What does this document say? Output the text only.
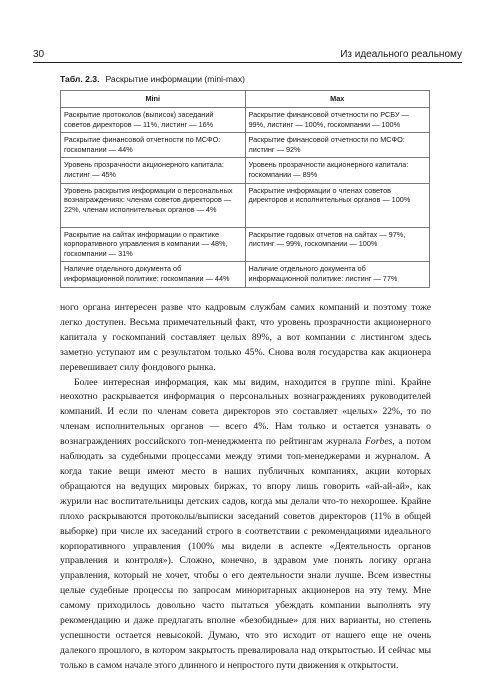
30	Из идеального реальному
Табл. 2.3. Раскрытие информации (mini-max)
Mini	Max
Раскрытие протоколов (выписок) заседаний советов директоров — 11%, листинг — 16%	Раскрытие финансовой отчетности по РСБУ — 99%, листинг — 100%, госкомпании — 100%
Раскрытие финансовой отчетности по МСФО: госкомпании — 44%	Раскрытие финансовой отчетности по МСФО: листинг — 92%
Уровень прозрачности акционерного капитала: листинг — 45%	Уровень прозрачности акционерного капитала: госкомпании — 89%
Уровень раскрытия информации о персональных вознаграждениях: членам советов директоров — 22%, членам исполнительных органов — 4%	Раскрытие информации о членах советов директоров и исполнительных органов — 100%
Раскрытие на сайтах информации о практике корпоративного управления в компании — 48%, госкомпании — 31%	Раскрытие годовых отчетов на сайтах — 97%, листинг — 99%, госкомпании — 100%
Наличие отдельного документа об информационной политике: госкомпании — 44%	Наличие отдельного документа об информационной политике: листинг — 77%

ного органа интересен разве что кадровым службам самих компаний и поэтому тоже легко доступен. Весьма примечательный факт, что уровень прозрачности акционерного капитала у госкомпаний составляет целых 89%, а вот компании с листингом здесь заметно уступают им с результатом только 45%. Снова воля государства как акционера перевешивает силу фондового рынка.

Более интересная информация, как мы видим, находится в группе mini. Крайне неохотно раскрывается информация о персональных вознаграждениях руководителей компаний. И если по членам совета директоров это составляет «целых» 22%, то по членам исполнительных органов — всего 4%. Нам только и остается узнавать о вознаграждениях российского топ-менеджмента по рейтингам журнала Forbes, а потом наблюдать за судебными процессами между этими топ-менеджерами и журналом. А когда такие вещи имеют место в наших публичных компаниях, акции которых обращаются на ведущих мировых биржах, то впору лишь говорить «ай-ай-ай», как журили нас воспитательницы детских садов, когда мы делали что-то нехорошее. Крайне плохо раскрываются протоколы/выписки заседаний советов директоров (11% в общей выборке) при числе их заседаний строго в соответствии с рекомендациями идеального корпоративного управления (100% мы видели в аспекте «Деятельность органов управления и контроля»). Сложно, конечно, в здравом уме понять логику органа управления, который не хочет, чтобы о его деятельности знали лучше. Всем известны целые судебные процессы по запросам миноритарных акционеров на эту тему. Мне самому приходилось довольно часто пытаться убеждать компании выполнять эту рекомендацию и даже предлагать вполне «безобидные» для них варианты, но степень успешности остается невысокой. Думаю, что это исходит от нашего еще не очень далекого прошлого, в котором закрытость превалировала над открытостью. И сейчас мы только в самом начале этого длинного и непростого пути движения к открытости.
